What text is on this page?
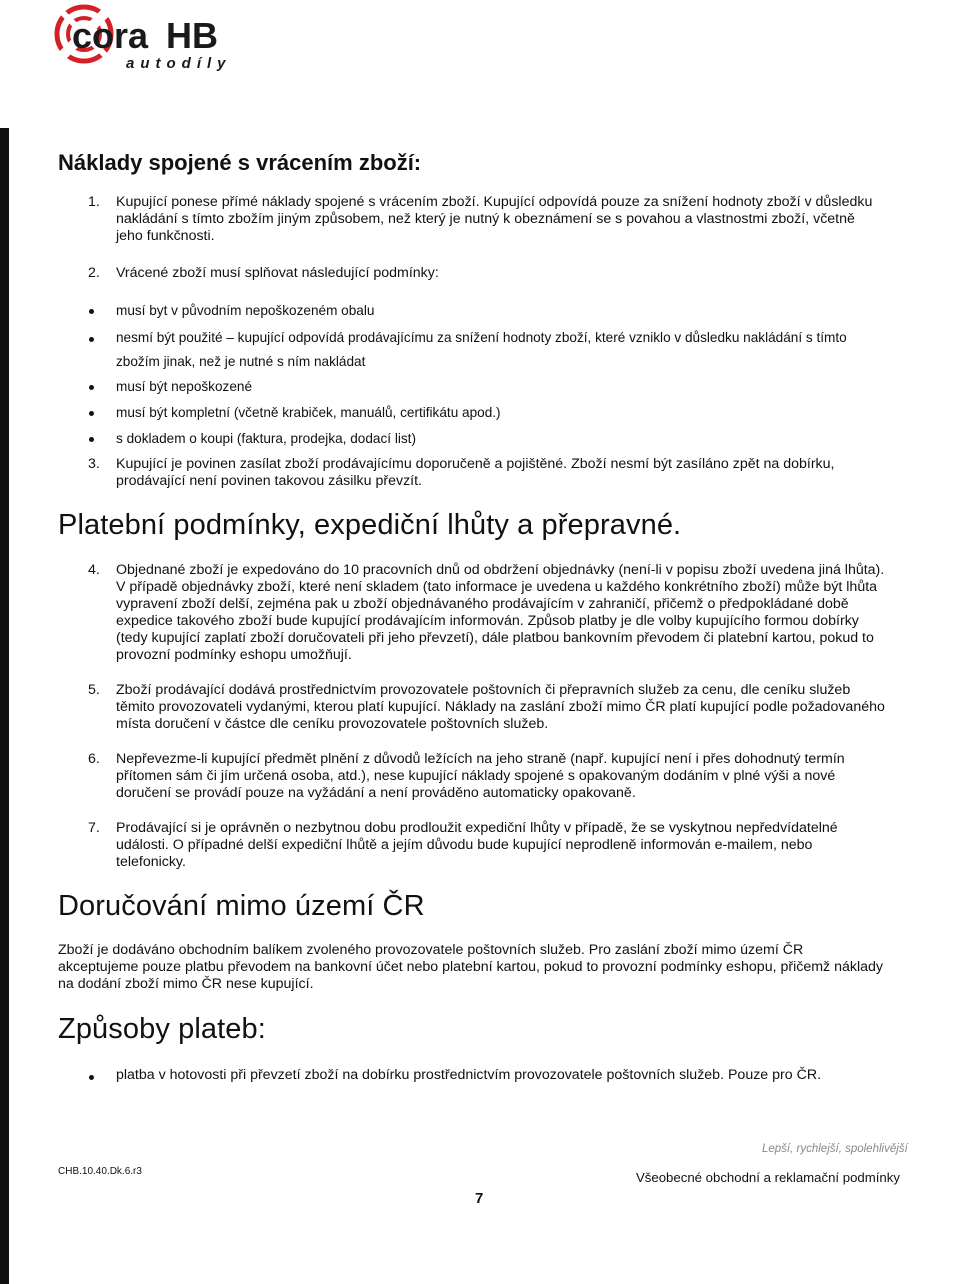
cora HB
autodíly
Náklady spojené s vrácením zboží:
1. Kupující ponese přímé náklady spojené s vrácením zboží. Kupující odpovídá pouze za snížení hodnoty zboží v důsledku
nakládání s tímto zbožím jiným způsobem, než který je nutný k obeznámení se s povahou a vlastnostmi zboží, včetně
jeho funkčnosti.
2. Vrácené zboží musí splňovat následující podmínky:
musí byt v původním nepoškozeném obalu
nesmí být použité – kupující odpovídá prodávajícímu za snížení hodnoty zboží, které vzniklo v důsledku nakládání s tímto
zbožím jinak, než je nutné s ním nakládat
musí být nepoškozené
musí být kompletní (včetně krabiček, manuálů, certifikátu apod.)
s dokladem o koupi (faktura, prodejka, dodací list)
3. Kupující je povinen zasílat zboží prodávajícímu doporučeně a pojištěné. Zboží nesmí být zasíláno zpět na dobírku,
prodávající není povinen takovou zásilku převzít.
Platební podmínky, expediční lhůty a přepravné.
4. Objednané zboží je expedováno do 10 pracovních dnů od obdržení objednávky (není-li v popisu zboží uvedena jiná lhůta).
V případě objednávky zboží, které není skladem (tato informace je uvedena u každého konkrétního zboží) může být lhůta
vypravení zboží delší, zejména pak u zboží objednávaného prodávajícím v zahraničí, přičemž o předpokládané době
expedice takového zboží bude kupující prodávajícím informován. Způsob platby je dle volby kupujícího formou dobírky
(tedy kupující zaplatí zboží doručovateli při jeho převzetí), dále platbou bankovním převodem či platební kartou, pokud to
provozní podmínky eshopu umožňují.
5. Zboží prodávající dodává prostřednictvím provozovatele poštovních či přepravních služeb za cenu, dle ceníku služeb
těmito provozovateli vydanými, kterou platí kupující. Náklady na zaslání zboží mimo ČR platí kupující podle požadovaného
místa doručení v částce dle ceníku provozovatele poštovních služeb.
6. Nepřevezme-li kupující předmět plnění z důvodů ležících na jeho straně (např. kupující není i přes dohodnutý termín
přítomen sám či jím určená osoba, atd.), nese kupující náklady spojené s opakovaným dodáním v plné výši a nové
doručení se provádí pouze na vyžádání a není prováděno automaticky opakovaně.
7. Prodávající si je oprávněn o nezbytnou dobu prodloužit expediční lhůty v případě, že se vyskytnou nepředvídatelné
události. O případné delší expediční lhůtě a jejím důvodu bude kupující neprodleně informován e-mailem, nebo
telefonicky.
Doručování mimo území ČR
Zboží je dodáváno obchodním balíkem zvoleného provozovatele poštovních služeb. Pro zaslání zboží mimo území ČR
akceptujeme pouze platbu převodem na bankovní účet nebo platební kartou, pokud to provozní podmínky eshopu, přičemž náklady
na dodání zboží mimo ČR nese kupující.
Způsoby plateb:
platba v hotovosti při převzetí zboží na dobírku prostřednictvím provozovatele poštovních služeb. Pouze pro ČR.
Lepší, rychlejší, spolehlivější
CHB.10.40.Dk.6.r3	Všeobecné obchodní a reklamační podmínky
7
